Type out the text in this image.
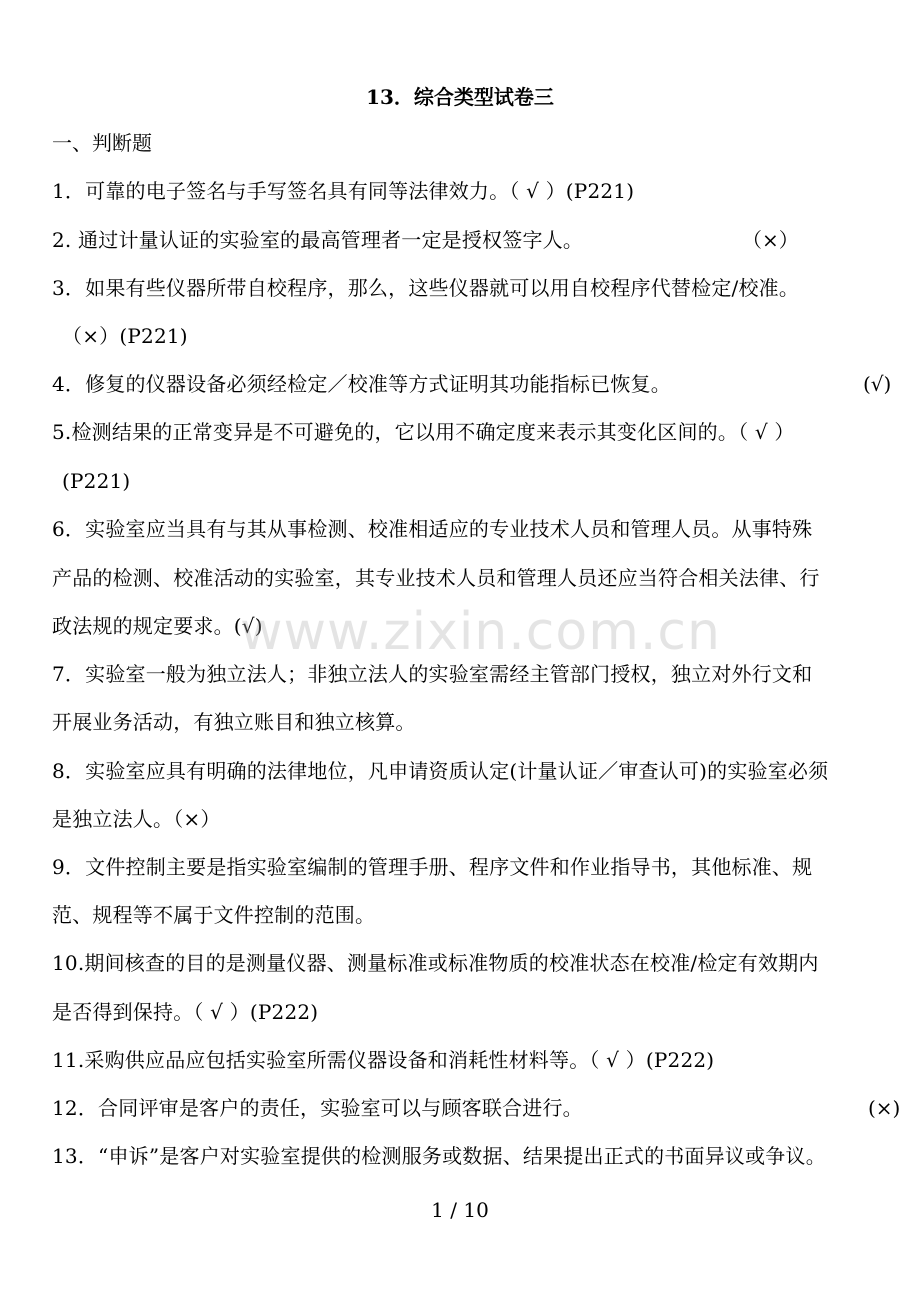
13．综合类型试卷三
一、判断题
1．可靠的电子签名与手写签名具有同等法律效力。（ √ ）(P221)
2. 通过计量认证的实验室的最高管理者一定是授权签字人。	（×）
3．如果有些仪器所带自校程序，那么，这些仪器就可以用自校程序代替检定/校准。
（×）(P221)
4．修复的仪器设备必须经检定／校准等方式证明其功能指标已恢复。	(√)
5.检测结果的正常变异是不可避免的，它以用不确定度来表示其变化区间的。（ √ ）
(P221)
6．实验室应当具有与其从事检测、校准相适应的专业技术人员和管理人员。从事特殊
产品的检测、校准活动的实验室，其专业技术人员和管理人员还应当符合相关法律、行
政法规的规定要求。(√)
7．实验室一般为独立法人；非独立法人的实验室需经主管部门授权，独立对外行文和
开展业务活动，有独立账目和独立核算。
8．实验室应具有明确的法律地位，凡申请资质认定(计量认证／审查认可)的实验室必须
是独立法人。（×）
9．文件控制主要是指实验室编制的管理手册、程序文件和作业指导书，其他标准、规
范、规程等不属于文件控制的范围。
10.期间核查的目的是测量仪器、测量标准或标准物质的校准状态在校准/检定有效期内
是否得到保持。（ √ ）(P222)
11.采购供应品应包括实验室所需仪器设备和消耗性材料等。（ √ ）(P222)
12．合同评审是客户的责任，实验室可以与顾客联合进行。	(×)
13．“申诉”是客户对实验室提供的检测服务或数据、结果提出正式的书面异议或争议。
www.zixin.com.cn
1 / 10
